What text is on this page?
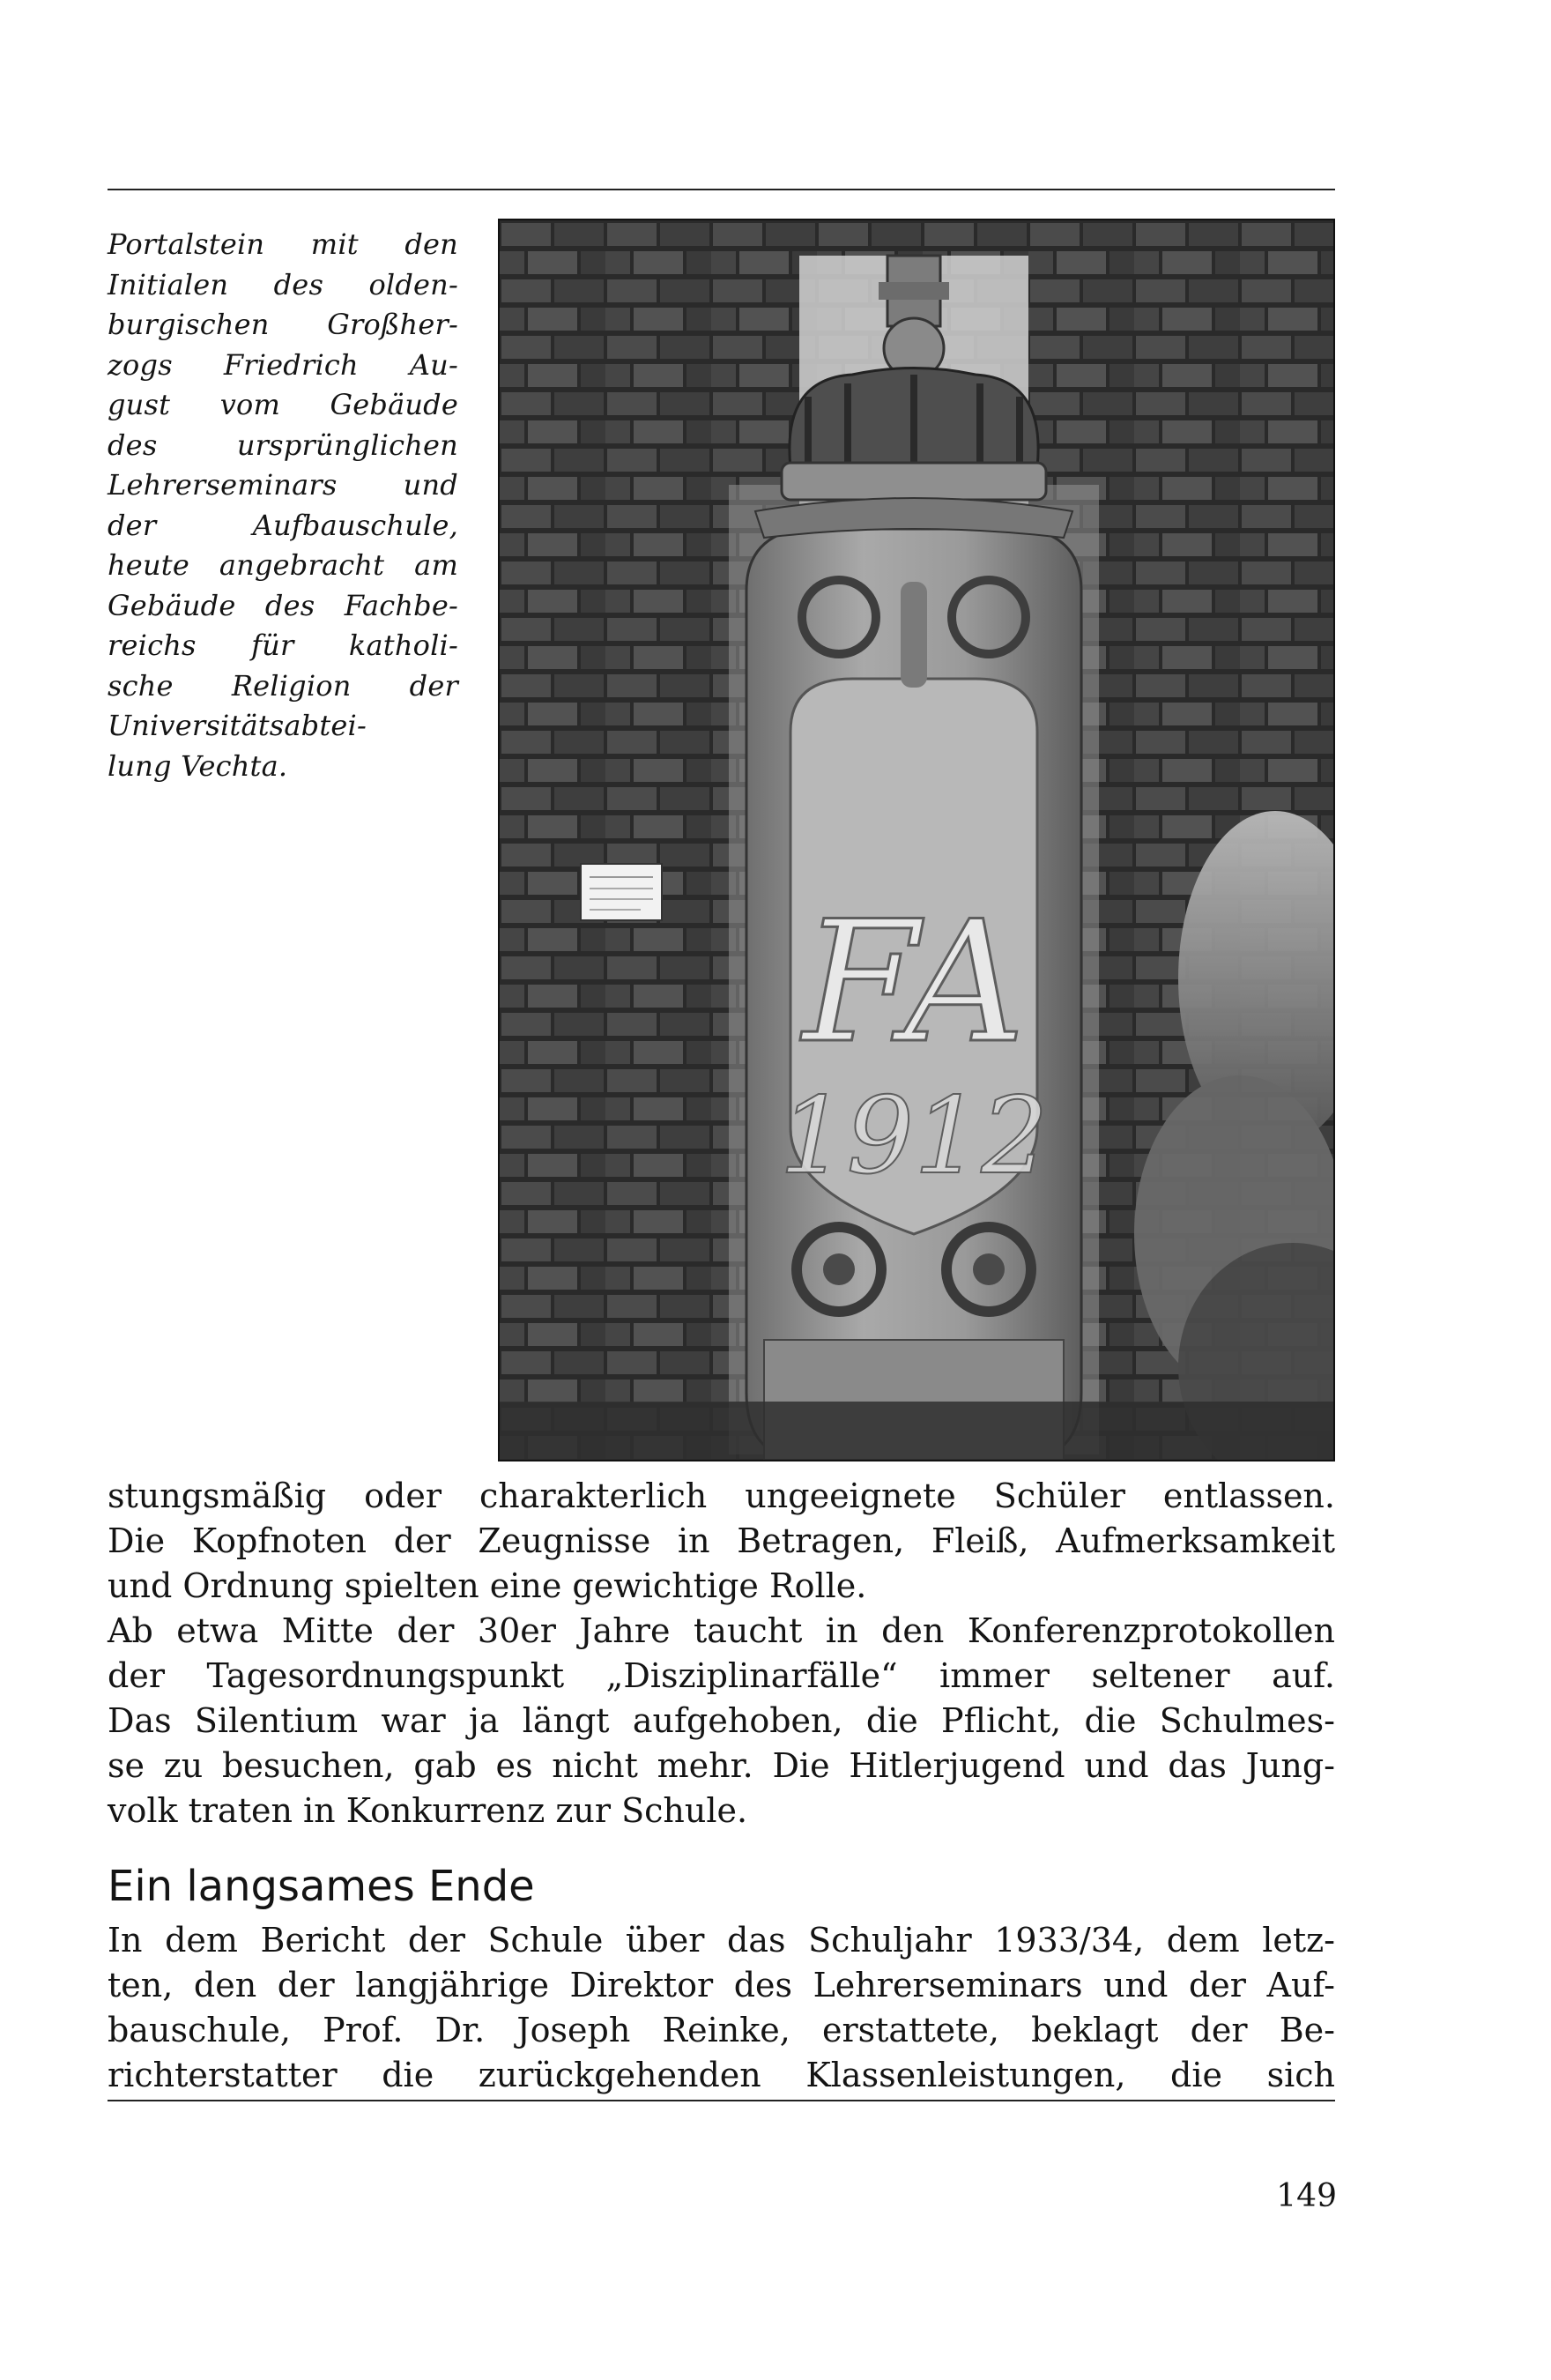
Portalstein mit den
Initialen des olden-
burgischen Großher-
zogs Friedrich Au-
gust vom Gebäude
des ursprünglichen
Lehrerseminars und
der Aufbauschule,
heute angebracht am
Gebäude des Fachbe-
reichs für katholi-
sche Religion der
Universitätsabtei-
lung Vechta.
FA
1912
stungsmäßig oder charakterlich ungeeignete Schüler entlassen.
Die Kopfnoten der Zeugnisse in Betragen, Fleiß, Aufmerksamkeit
und Ordnung spielten eine gewichtige Rolle.
Ab etwa Mitte der 30er Jahre taucht in den Konferenzprotokollen
der Tagesordnungspunkt „Disziplinarfälle“ immer seltener auf.
Das Silentium war ja längt aufgehoben, die Pflicht, die Schulmes-
se zu besuchen, gab es nicht mehr. Die Hitlerjugend und das Jung-
volk traten in Konkurrenz zur Schule.
Ein langsames Ende
In dem Bericht der Schule über das Schuljahr 1933/34, dem letz-
ten, den der langjährige Direktor des Lehrerseminars und der Auf-
bauschule, Prof. Dr. Joseph Reinke, erstattete, beklagt der Be-
richterstatter die zurückgehenden Klassenleistungen, die sich
149
